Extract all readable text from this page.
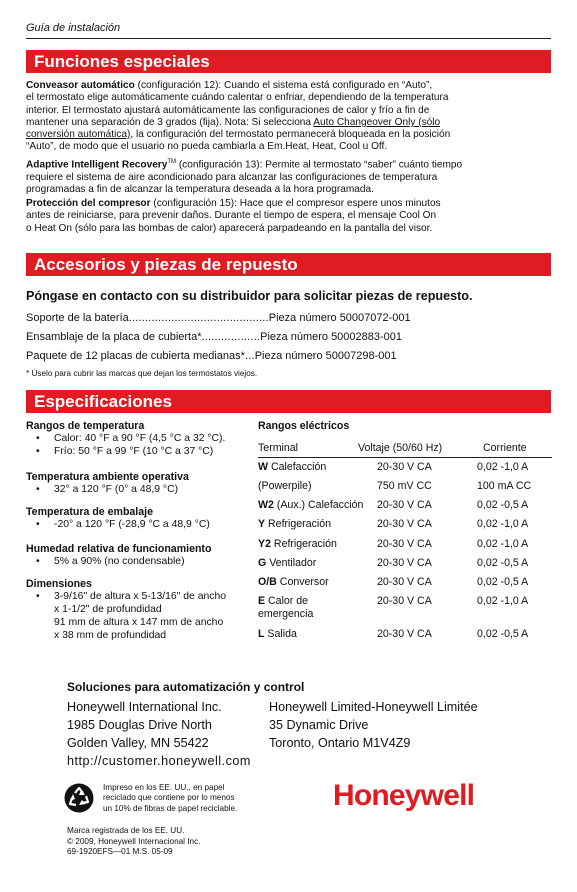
Guía de instalación
Funciones especiales
Conveasor automático (configuración 12): Cuando el sistema está configurado en “Auto”,
el termostato elige automáticamente cuándo calentar o enfriar, dependiendo de la temperatura
interior. El termostato ajustará automáticamente las configuraciones de calor y frío a fin de
mantener una separación de 3 grados (fija). Nota: Si selecciona Auto Changeover Only (sólo
conversión automática), la configuración del termostato permanecerá bloqueada en la posición
“Auto”, de modo que el usuario no pueda cambiarla a Em.Heat, Heat, Cool u Off.
Adaptive Intelligent Recovery™ (configuración 13): Permite al termostato “saber” cuánto tiempo
requiere el sistema de aire acondicionado para alcanzar las configuraciones de temperatura
programadas a fin de alcanzar la temperatura deseada a la hora programada.
Protección del compresor (configuración 15): Hace que el compresor espere unos minutos
antes de reiniciarse, para prevenir daños. Durante el tiempo de espera, el mensaje Cool On
o Heat On (sólo para las bombas de calor) aparecerá parpadeando en la pantalla del visor.
Accesorios y piezas de repuesto
Póngase en contacto con su distribuidor para solicitar piezas de repuesto.
Soporte de la batería...........................................Pieza número 50007072-001
Ensamblaje de la placa de cubierta*..................Pieza número 50002883-001
Paquete de 12 placas de cubierta medianas*...Pieza número 50007298-001
* Úselo para cubrir las marcas que dejan los termostatos viejos.
Especificaciones
Rangos de temperatura
• Calor: 40 °F a 90 °F (4,5 °C a 32 °C).
• Frío: 50 °F a 99 °F (10 °C a 37 °C)
Temperatura ambiente operativa
• 32° a 120 °F (0° a 48,9 °C)
Temperatura de embalaje
• -20° a 120 °F (-28,9 °C a 48,9 °C)
Humedad relativa de funcionamiento
• 5% a 90% (no condensable)
Dimensiones
• 3-9/16" de altura x 5-13/16" de ancho
x 1-1/2" de profundidad
91 mm de altura x 147 mm de ancho
x 38 mm de profundidad
Rangos eléctricos
Terminal	Voltaje (50/60 Hz)	Corriente
W Calefacción	20-30 V CA	0,02 -1,0 A
(Powerpile)	750 mV CC	100 mA CC
W2 (Aux.) Calefacción 20-30 V CA	0,02 -0,5 A
Y Refrigeración	20-30 V CA	0,02 -1,0 A
Y2 Refrigeración	20-30 V CA	0,02 -1,0 A
G Ventilador	20-30 V CA	0,02 -0,5 A
O/B Conversor	20-30 V CA	0,02 -0,5 A
E Calor de
emergencia
20-30 V CA	0,02 -1,0 A
L Salida	20-30 V CA	0,02 -0,5 A
Soluciones para automatización y control
Honeywell International Inc.
1985 Douglas Drive North
Golden Valley, MN 55422
Honeywell Limited-Honeywell Limitée
35 Dynamic Drive
Toronto, Ontario M1V4Z9
http://customer.honeywell.com
Impreso en los EE. UU., en papel
reciclado que contiene por lo menos
un 10% de fibras de papel reciclable.	Honeywell
Marca registrada de los EE. UU.
© 2009, Honeywell Internacional Inc.
69-1920EFS—01 M.S. 05-09
